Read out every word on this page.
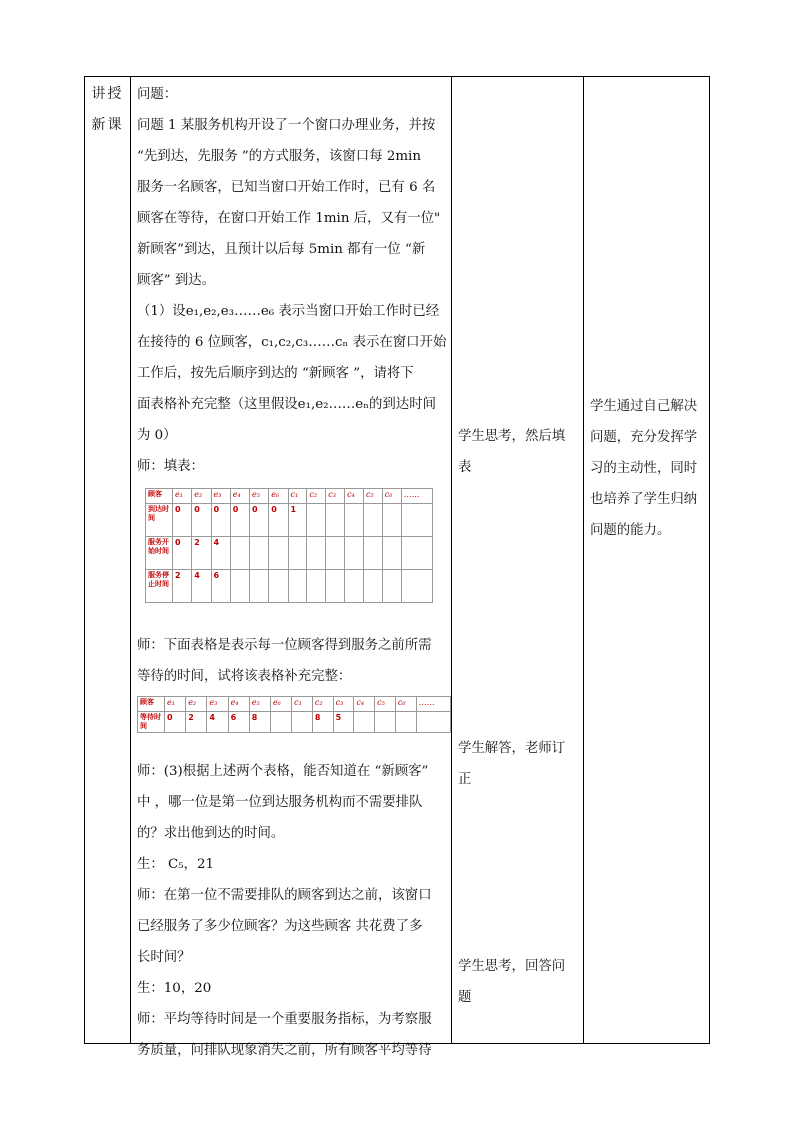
讲授
新课

问题：

问题 1 某服务机构开设了一个窗口办理业务，并按

“先到达，先服务 ”的方式服务，该窗口每 2min

服务一名顾客，已知当窗口开始工作时，已有 6 名

顾客在等待，在窗口开始工作 1min 后，又有一位"

新顾客”到达，且预计以后每 5min 都有一位 “新

顾客” 到达。

（1）设e₁,e₂,e₃……e₆ 表示当窗口开始工作时已经

在接待的 6 位顾客，c₁,c₂,c₃……cₙ 表示在窗口开始

工作后，按先后顺序到达的 “新顾客 ”，请将下

面表格补充完整（这里假设e₁,e₂……eₙ的到达时间

为 0）

师：填表：

顾客	e₁	e₂	e₃	e₄	e₅	e₆	c₁	c₂	c₃	c₄	c₅	c₆	……
到达时间	0	0	0	0	0	0	1						
服务开始时间	0	2	4										
服务停止时间	2	4	6										

师：下面表格是表示每一位顾客得到服务之前所需

等待的时间，试将该表格补充完整：

顾客	e₁	e₂	e₃	e₄	e₅	e₆	c₁	c₂	c₃	c₄	c₅	c₆	……
等待时间	0	2	4	6	8			8	5				

师：(3)根据上述两个表格，能否知道在 “新顾客”

中 ，哪一位是第一位到达服务机构而不需要排队

的？求出他到达的时间。

生： C₅，21

师：在第一位不需要排队的顾客到达之前，该窗口

已经服务了多少位顾客？为这些顾客 共花费了多

长时间？

生：10，20

师：平均等待时间是一个重要服务指标，为考察服

务质量，问排队现象消失之前，所有顾客平均等待

学生思考，然后填
表
学生解答，老师订
正
学生思考，回答问
题
学生通过自己解决
问题，充分发挥学
习的主动性，同时
也培养了学生归纳
问题的能力。
